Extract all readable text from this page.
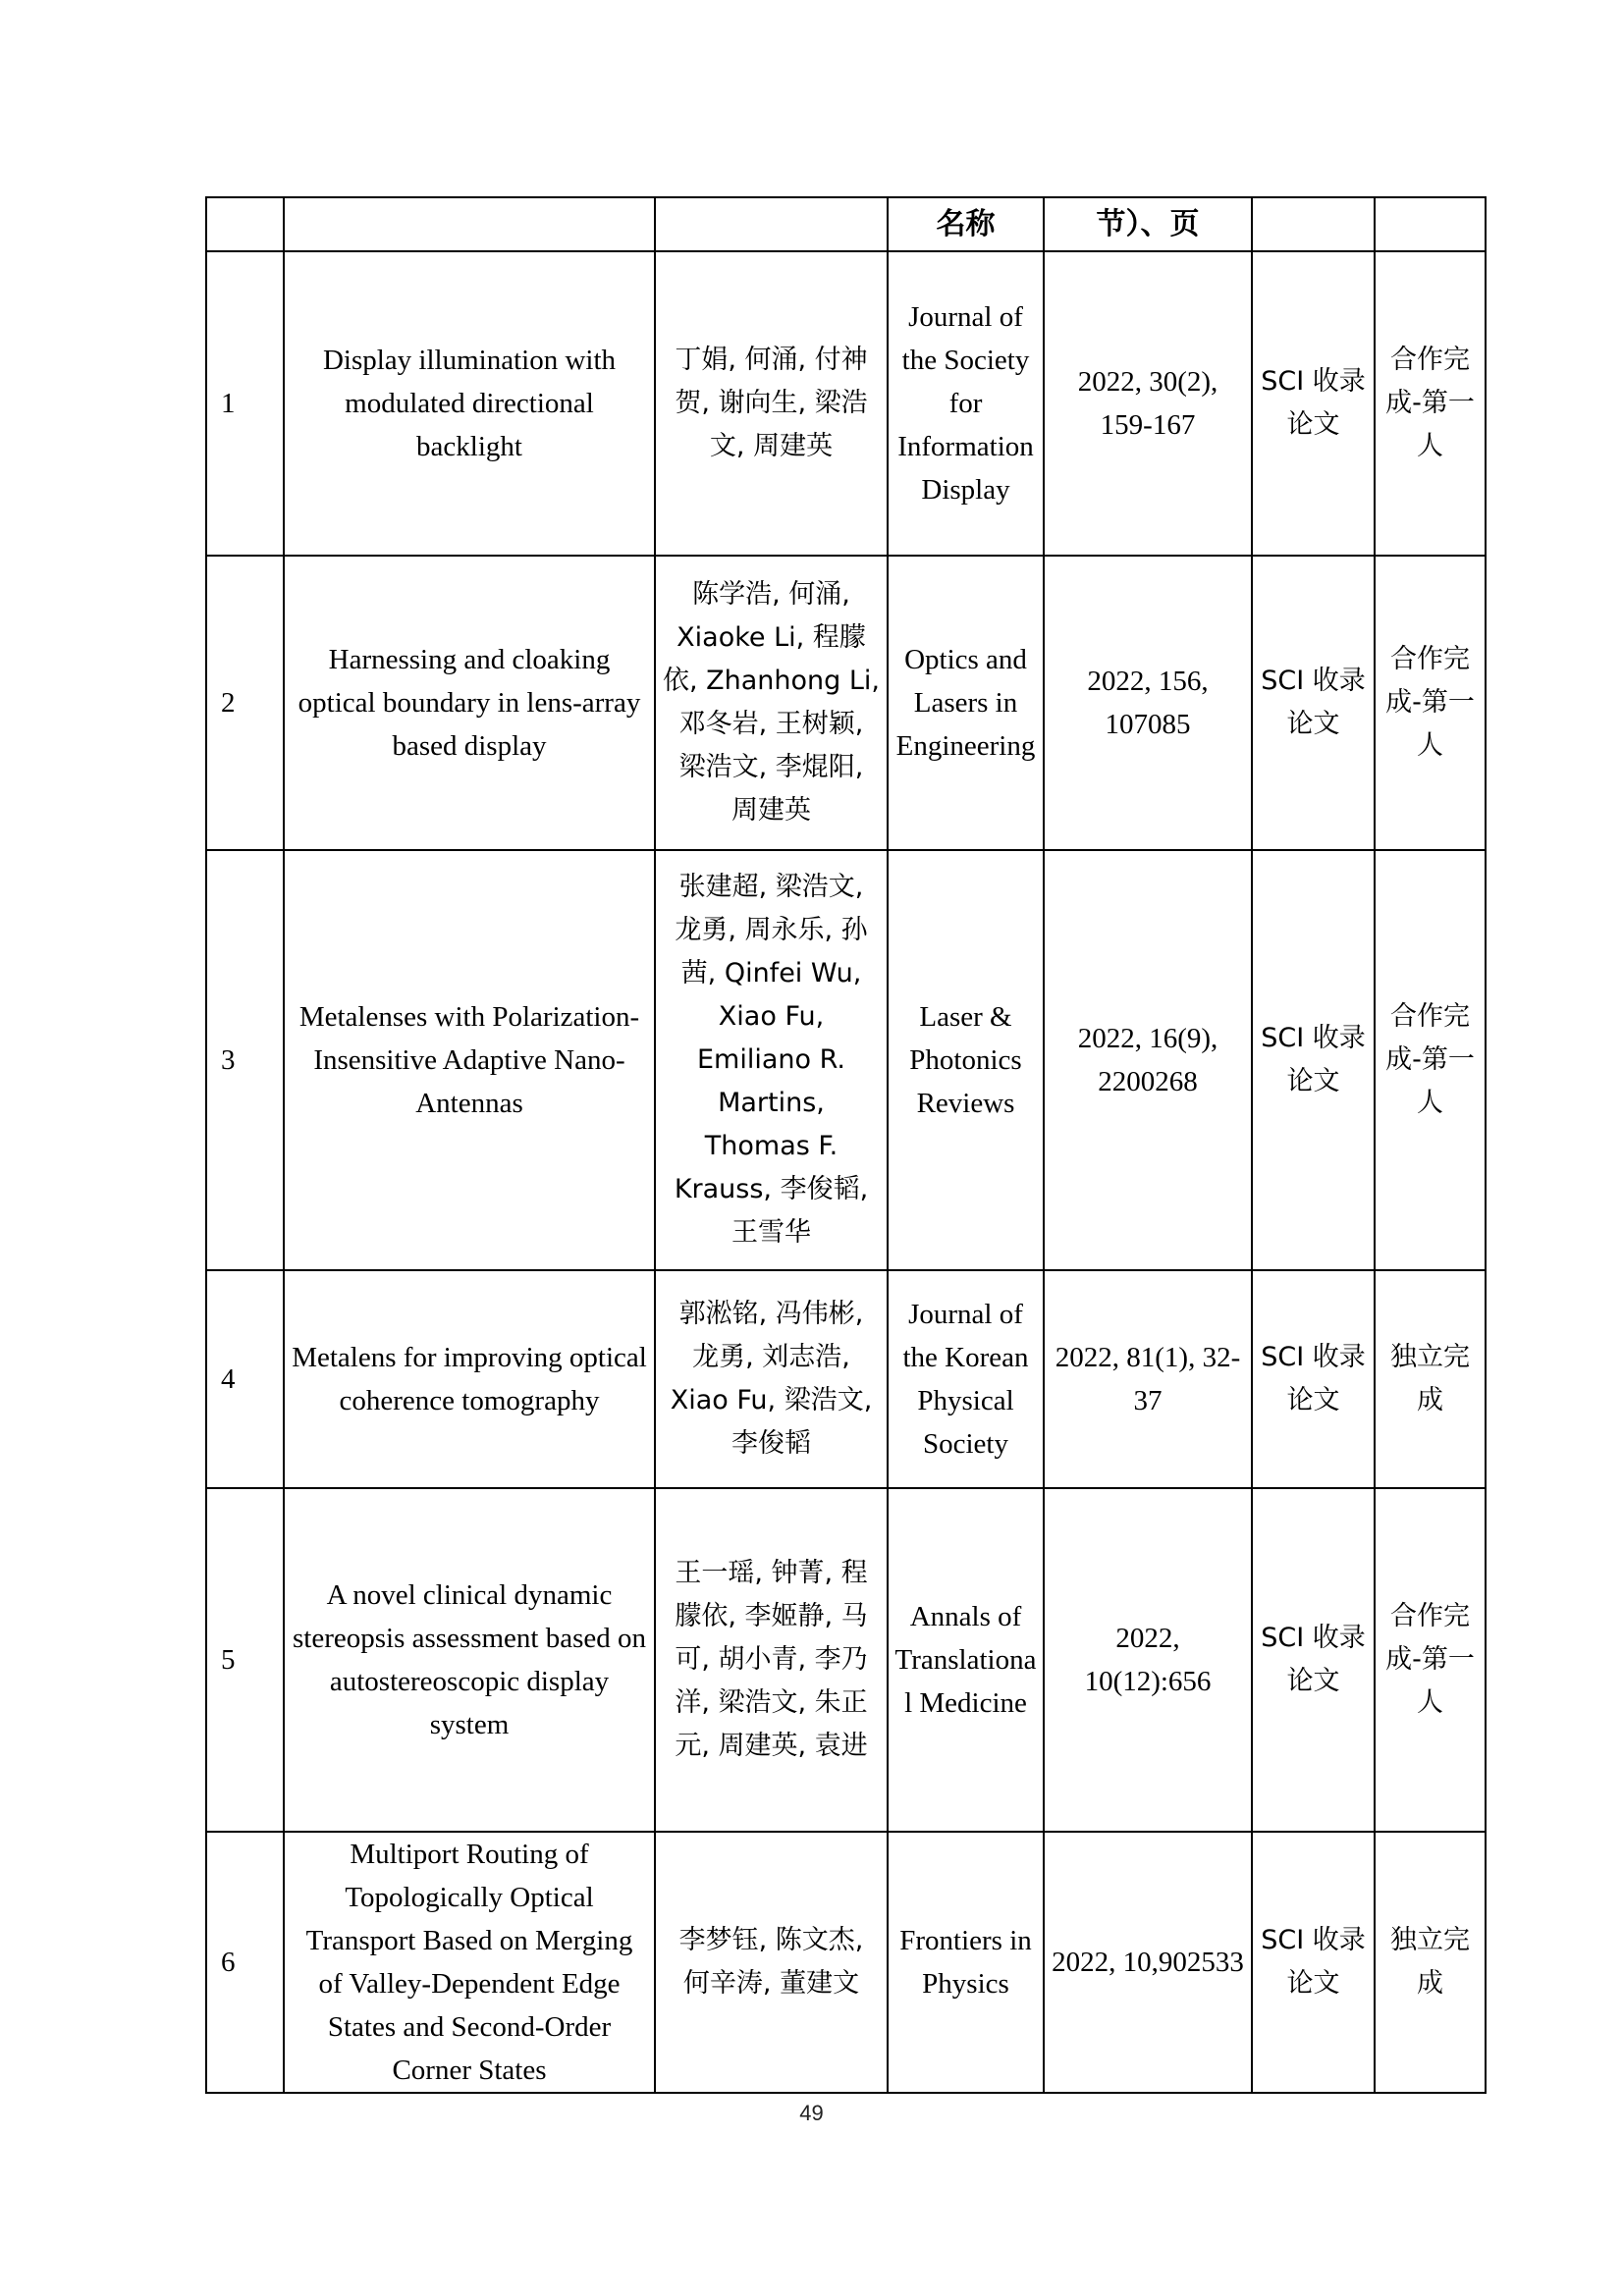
			名称	节）、页		
1	Display illumination with modulated directional backlight	丁娟, 何涌, 付神贺, 谢向生, 梁浩文, 周建英	Journal of the Society for Information Display	2022, 30(2), 159-167	SCI 收录论文	合作完成-第一人
2	Harnessing and cloaking optical boundary in lens-array based display	陈学浩, 何涌, Xiaoke Li, 程朦依, Zhanhong Li, 邓冬岩, 王树颖, 梁浩文, 李焜阳, 周建英	Optics and Lasers in Engineering	2022, 156, 107085	SCI 收录论文	合作完成-第一人
3	Metalenses with Polarization-Insensitive Adaptive Nano-Antennas	张建超, 梁浩文, 龙勇, 周永乐, 孙茜, Qinfei Wu, Xiao Fu, Emiliano R. Martins, Thomas F. Krauss, 李俊韬, 王雪华	Laser & Photonics Reviews	2022, 16(9), 2200268	SCI 收录论文	合作完成-第一人
4	Metalens for improving optical coherence tomography	郭淞铭, 冯伟彬, 龙勇, 刘志浩, Xiao Fu, 梁浩文, 李俊韬	Journal of the Korean Physical Society	2022, 81(1), 32-37	SCI 收录论文	独立完成
5	A novel clinical dynamic stereopsis assessment based on autostereoscopic display system	王一瑶, 钟菁, 程朦依, 李姬静, 马可, 胡小青, 李乃洋, 梁浩文, 朱正元, 周建英, 袁进	Annals of Translational Medicine	2022, 10(12):656	SCI 收录论文	合作完成-第一人
6	Multiport Routing of Topologically Optical Transport Based on Merging of Valley-Dependent Edge States and Second-Order Corner States	李梦钰, 陈文杰, 何辛涛, 董建文	Frontiers in Physics	2022, 10,902533	SCI 收录论文	独立完成
49
